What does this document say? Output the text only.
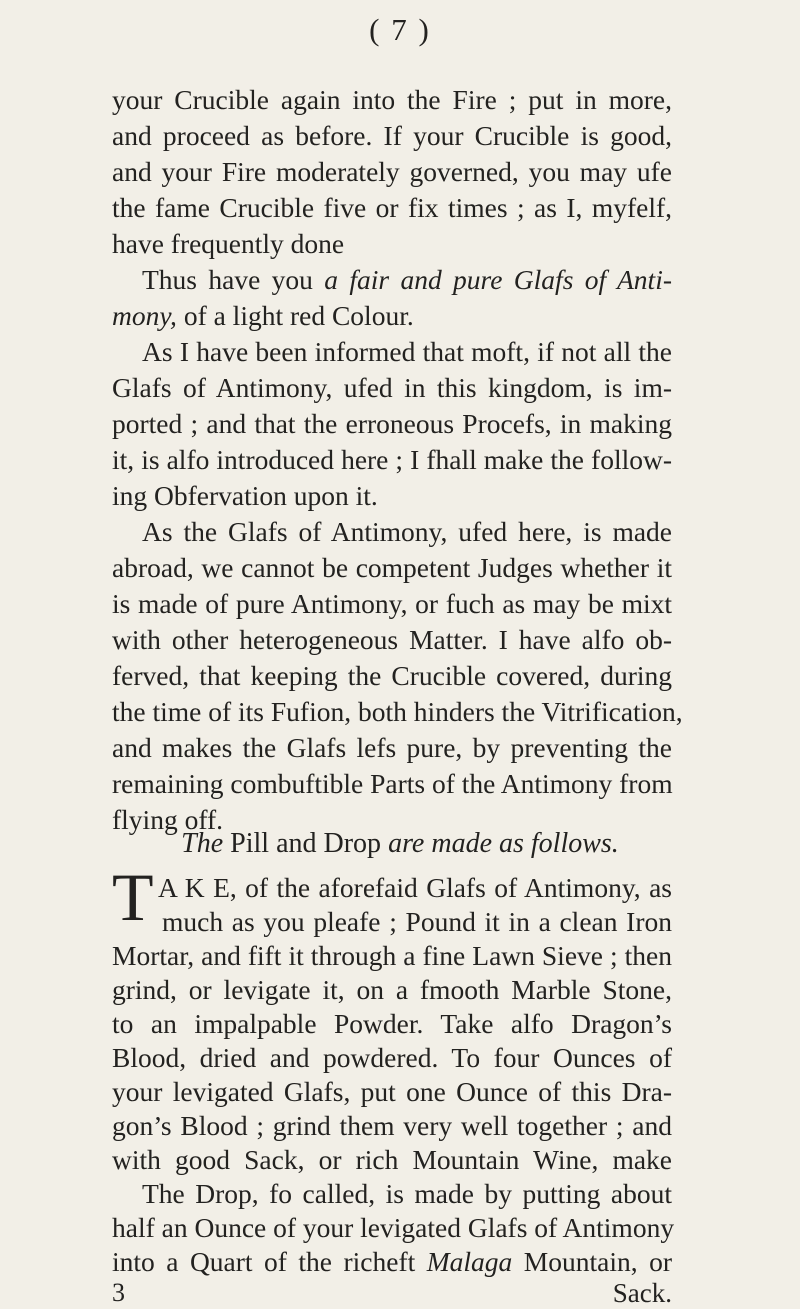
( 7 )
your Crucible again into the Fire ; put in more,
and proceed as before. If your Crucible is good,
and your Fire moderately governed, you may ufe
the fame Crucible five or fix times ; as I, myfelf,
have frequently done
Thus have you a fair and pure Glafs of Anti-
mony, of a light red Colour.
As I have been informed that moft, if not all the
Glafs of Antimony, ufed in this kingdom, is im-
ported ; and that the erroneous Procefs, in making
it, is alfo introduced here ; I fhall make the follow-
ing Obfervation upon it.
As the Glafs of Antimony, ufed here, is made
abroad, we cannot be competent Judges whether it
is made of pure Antimony, or fuch as may be mixt
with other heterogeneous Matter. I have alfo ob-
ferved, that keeping the Crucible covered, during
the time of its Fufion, both hinders the Vitrification,
and makes the Glafs lefs pure, by preventing the
remaining combuftible Parts of the Antimony from
flying off.
The Pill and Drop are made as follows.
T A K E, of the aforefaid Glafs of Antimony, as
much as you pleafe ; Pound it in a clean Iron
Mortar, and fift it through a fine Lawn Sieve ; then
grind, or levigate it, on a fmooth Marble Stone,
to an impalpable Powder. Take alfo Dragon’s
Blood, dried and powdered. To four Ounces of
your levigated Glafs, put one Ounce of this Dra-
gon’s Blood ; grind them very well together ; and
with good Sack, or rich Mountain Wine, make
3	Sack.
The Drop, fo called, is made by putting about
half an Ounce of your levigated Glafs of Antimony
into a Quart of the richeft Malaga Mountain, or
